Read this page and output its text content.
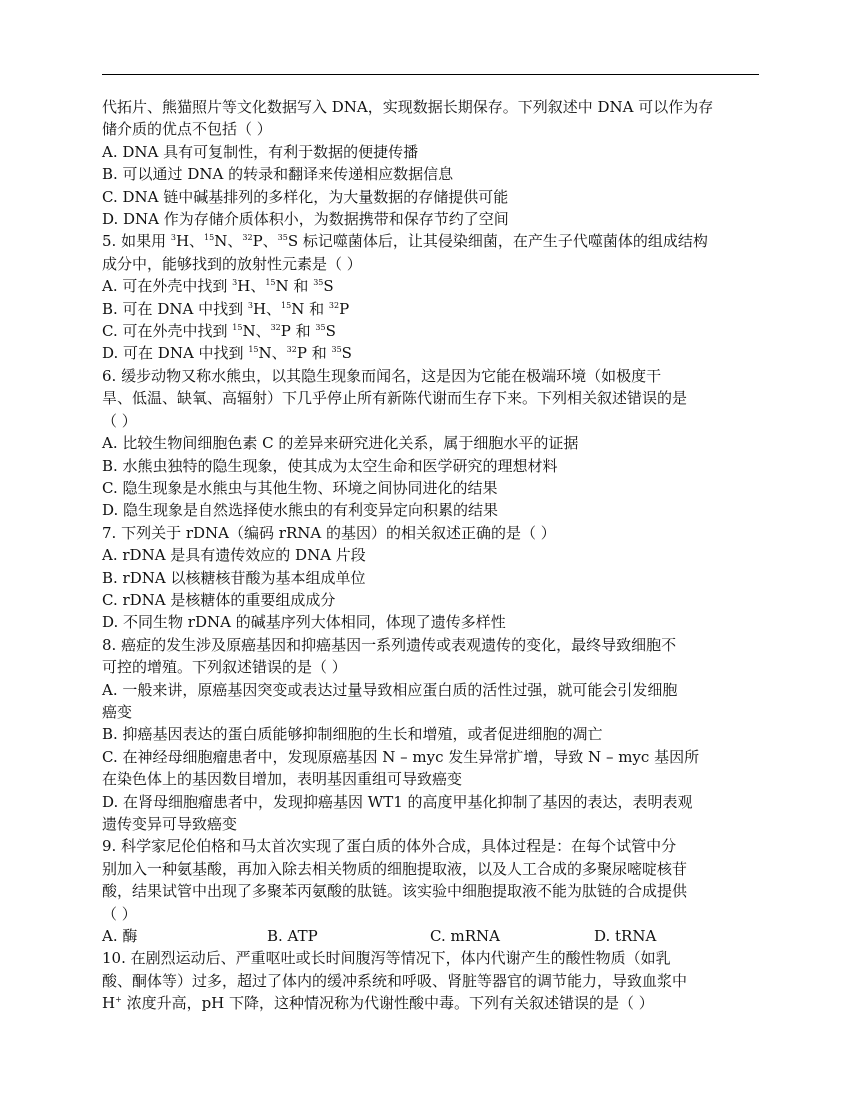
代拓片、熊猫照片等文化数据写入 DNA，实现数据长期保存。下列叙述中 DNA 可以作为存
储介质的优点不包括（ ）
A. DNA 具有可复制性，有利于数据的便捷传播
B. 可以通过 DNA 的转录和翻译来传递相应数据信息
C. DNA 链中碱基排列的多样化，为大量数据的存储提供可能
D. DNA 作为存储介质体积小，为数据携带和保存节约了空间
5. 如果用 $^3$H、$^{15}$N、$^{32}$P、$^{35}$S 标记噬菌体后，让其侵染细菌，在产生子代噬菌体的组成结构
成分中，能够找到的放射性元素是（ ）
A. 可在外壳中找到 $^3$H、$^{15}$N 和 $^{35}$S
B. 可在 DNA 中找到 $^3$H、$^{15}$N 和 $^{32}$P
C. 可在外壳中找到 $^{15}$N、$^{32}$P 和 $^{35}$S
D. 可在 DNA 中找到 $^{15}$N、$^{32}$P 和 $^{35}$S
6. 缓步动物又称水熊虫，以其隐生现象而闻名，这是因为它能在极端环境（如极度干
旱、低温、缺氧、高辐射）下几乎停止所有新陈代谢而生存下来。下列相关叙述错误的是
（ ）
A. 比较生物间细胞色素 C 的差异来研究进化关系，属于细胞水平的证据
B. 水熊虫独特的隐生现象，使其成为太空生命和医学研究的理想材料
C. 隐生现象是水熊虫与其他生物、环境之间协同进化的结果
D. 隐生现象是自然选择使水熊虫的有利变异定向积累的结果
7. 下列关于 rDNA（编码 rRNA 的基因）的相关叙述正确的是（ ）
A. rDNA 是具有遗传效应的 DNA 片段
B. rDNA 以核糖核苷酸为基本组成单位
C. rDNA 是核糖体的重要组成成分
D. 不同生物 rDNA 的碱基序列大体相同，体现了遗传多样性
8. 癌症的发生涉及原癌基因和抑癌基因一系列遗传或表观遗传的变化，最终导致细胞不
可控的增殖。下列叙述错误的是（ ）
A. 一般来讲，原癌基因突变或表达过量导致相应蛋白质的活性过强，就可能会引发细胞
癌变
B. 抑癌基因表达的蛋白质能够抑制细胞的生长和增殖，或者促进细胞的凋亡
C. 在神经母细胞瘤患者中，发现原癌基因 N – myc 发生异常扩增，导致 N – myc 基因所
在染色体上的基因数目增加，表明基因重组可导致癌变
D. 在肾母细胞瘤患者中，发现抑癌基因 WT1 的高度甲基化抑制了基因的表达，表明表观
遗传变异可导致癌变
9. 科学家尼伦伯格和马太首次实现了蛋白质的体外合成，具体过程是：在每个试管中分
别加入一种氨基酸，再加入除去相关物质的细胞提取液，以及人工合成的多聚尿嘧啶核苷
酸，结果试管中出现了多聚苯丙氨酸的肽链。该实验中细胞提取液不能为肽链的合成提供
（ ）
A. 酶	B. ATP	C. mRNA	D. tRNA
10. 在剧烈运动后、严重呕吐或长时间腹泻等情况下，体内代谢产生的酸性物质（如乳
酸、酮体等）过多，超过了体内的缓冲系统和呼吸、肾脏等器官的调节能力，导致血浆中
H+ 浓度升高，pH 下降，这种情况称为代谢性酸中毒。下列有关叙述错误的是（ ）
